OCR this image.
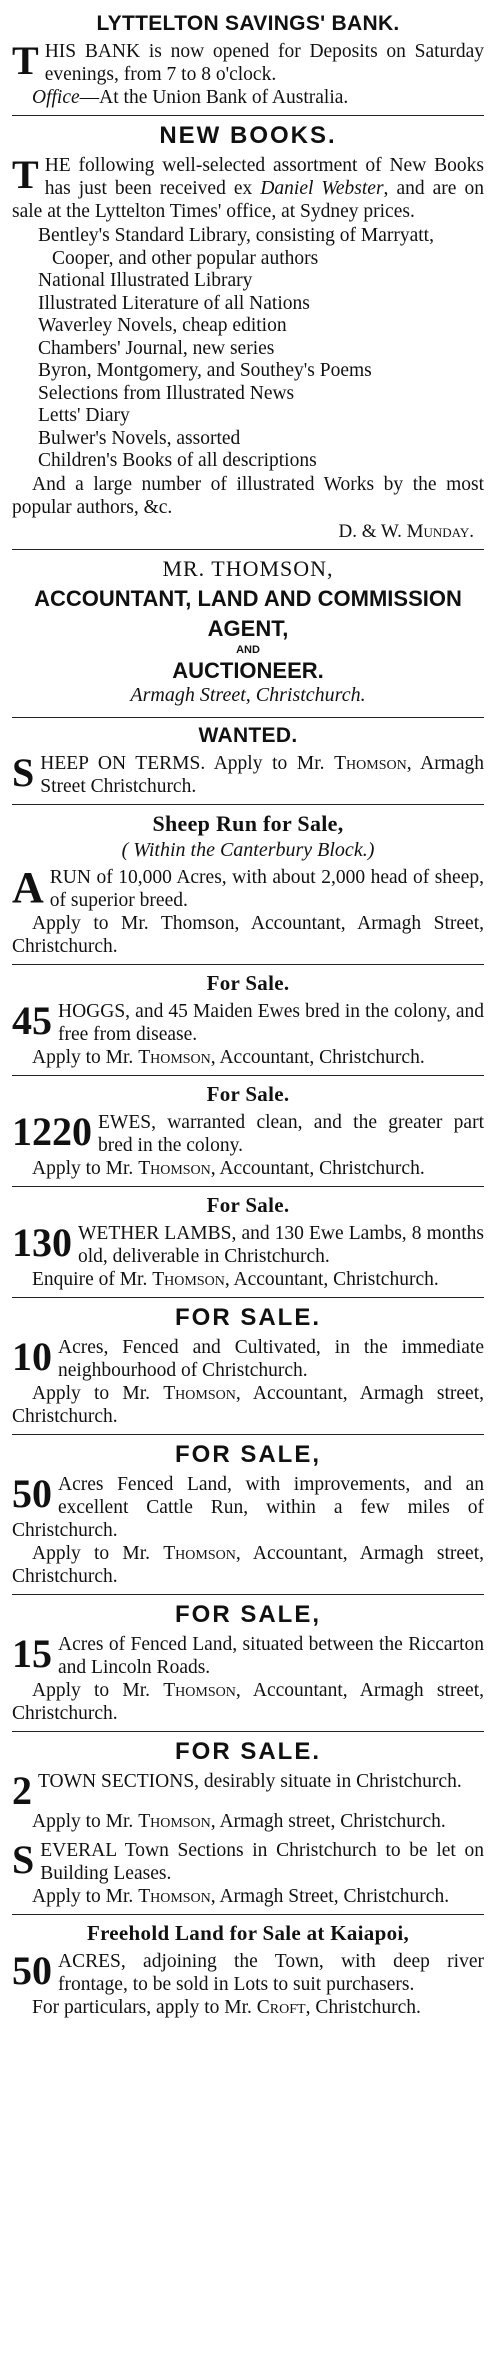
LYTTELTON SAVINGS' BANK.

THIS BANK is now opened for Deposits on Saturday evenings, from 7 to 8 o'clock.

Office—At the Union Bank of Australia.

NEW BOOKS.

THE following well-selected assortment of New Books has just been received ex Daniel Webster, and are on sale at the Lyttelton Times' office, at Sydney prices.

Bentley's Standard Library, consisting of Marryatt, Cooper, and other popular authors
National Illustrated Library
Illustrated Literature of all Nations
Waverley Novels, cheap edition
Chambers' Journal, new series
Byron, Montgomery, and Southey's Poems
Selections from Illustrated News
Letts' Diary
Bulwer's Novels, assorted
Children's Books of all descriptions

And a large number of illustrated Works by the most popular authors, &c.

D. & W. Munday.
MR. THOMSON,
ACCOUNTANT, LAND AND COMMISSION AGENT,
AND
AUCTIONEER.
Armagh Street, Christchurch.
WANTED.

SHEEP ON TERMS. Apply to Mr. Thomson, Armagh Street Christchurch.

Sheep Run for Sale,
( Within the Canterbury Block.)

ARUN of 10,000 Acres, with about 2,000 head of sheep, of superior breed.

Apply to Mr. Thomson, Accountant, Armagh Street, Christchurch.

For Sale.

45 HOGGS, and 45 Maiden Ewes bred in the colony, and free from disease.

Apply to Mr. Thomson, Accountant, Christchurch.

For Sale.

1220 EWES, warranted clean, and the greater part bred in the colony.

Apply to Mr. Thomson, Accountant, Christchurch.

For Sale.

130 WETHER LAMBS, and 130 Ewe Lambs, 8 months old, deliverable in Christchurch.

Enquire of Mr. Thomson, Accountant, Christchurch.

FOR SALE.

10 Acres, Fenced and Cultivated, in the immediate neighbourhood of Christchurch.

Apply to Mr. Thomson, Accountant, Armagh street, Christchurch.

FOR SALE,

50 Acres Fenced Land, with improvements, and an excellent Cattle Run, within a few miles of Christchurch.

Apply to Mr. Thomson, Accountant, Armagh street, Christchurch.

FOR SALE,

15 Acres of Fenced Land, situated between the Riccarton and Lincoln Roads.

Apply to Mr. Thomson, Accountant, Armagh street, Christchurch.

FOR SALE.

2 TOWN SECTIONS, desirably situate in Christchurch.

Apply to Mr. Thomson, Armagh street, Christchurch.

SEVERAL Town Sections in Christchurch to be let on Building Leases.

Apply to Mr. Thomson, Armagh Street, Christchurch.

Freehold Land for Sale at Kaiapoi,

50 ACRES, adjoining the Town, with deep river frontage, to be sold in Lots to suit purchasers.

For particulars, apply to Mr. Croft, Christchurch.
